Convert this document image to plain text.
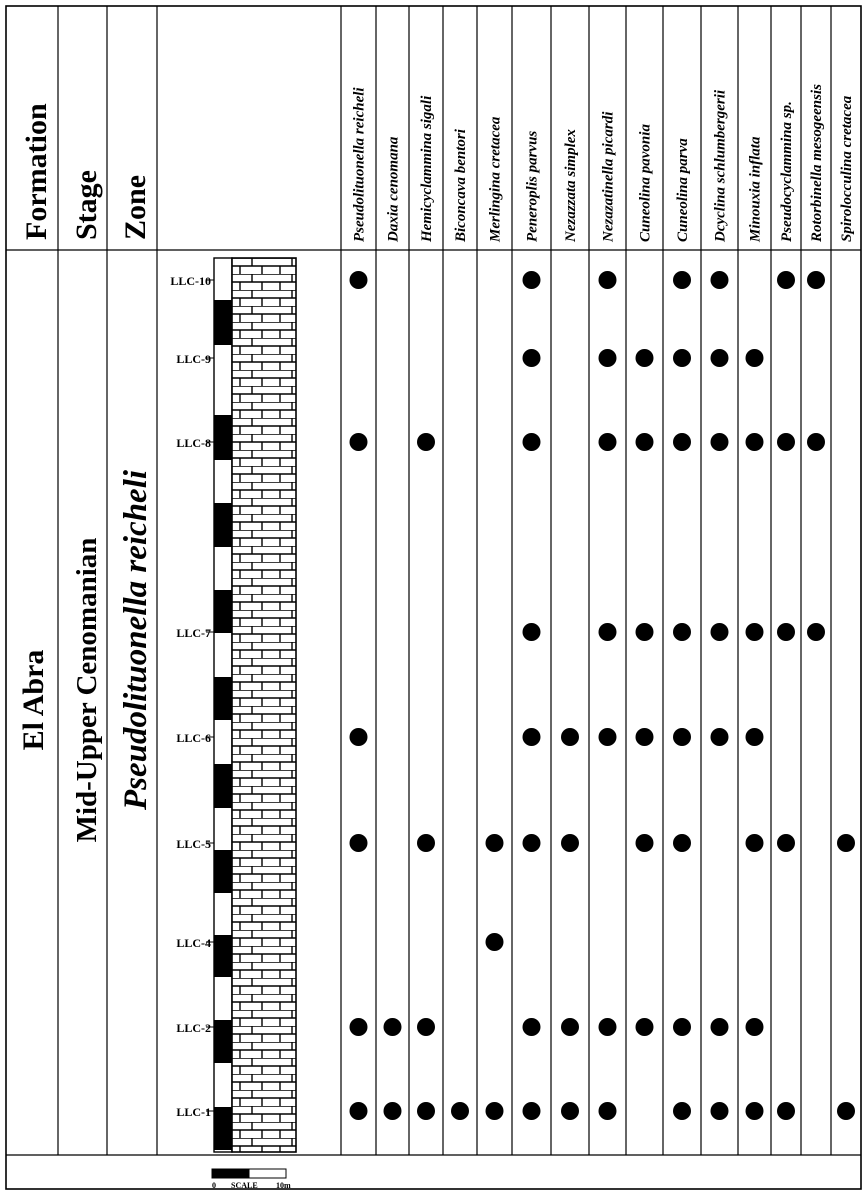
Formation Stage Zone	Pseudolituonella reicheli Daxia cenomana Hemicyclammina sigali Biconcava bentori Merlingina cretacea Peneroplis parvus Nezazzata simplex Nezazatinella picardi Cuneolina pavonia Cuneolina parva Dcyclina schlumbergerii Minouxia inflata Pseudocyclammina sp. Rotorbinella mesogeensis Spirolocculina cretacea
El Abra Mid-Upper Cenomanian Pseudolituonella reicheli
LLC-10
LLC-9
LLC-8
LLC-7
LLC-6
LLC-5
LLC-4
LLC-2
LLC-1
0 SCALE 10m
